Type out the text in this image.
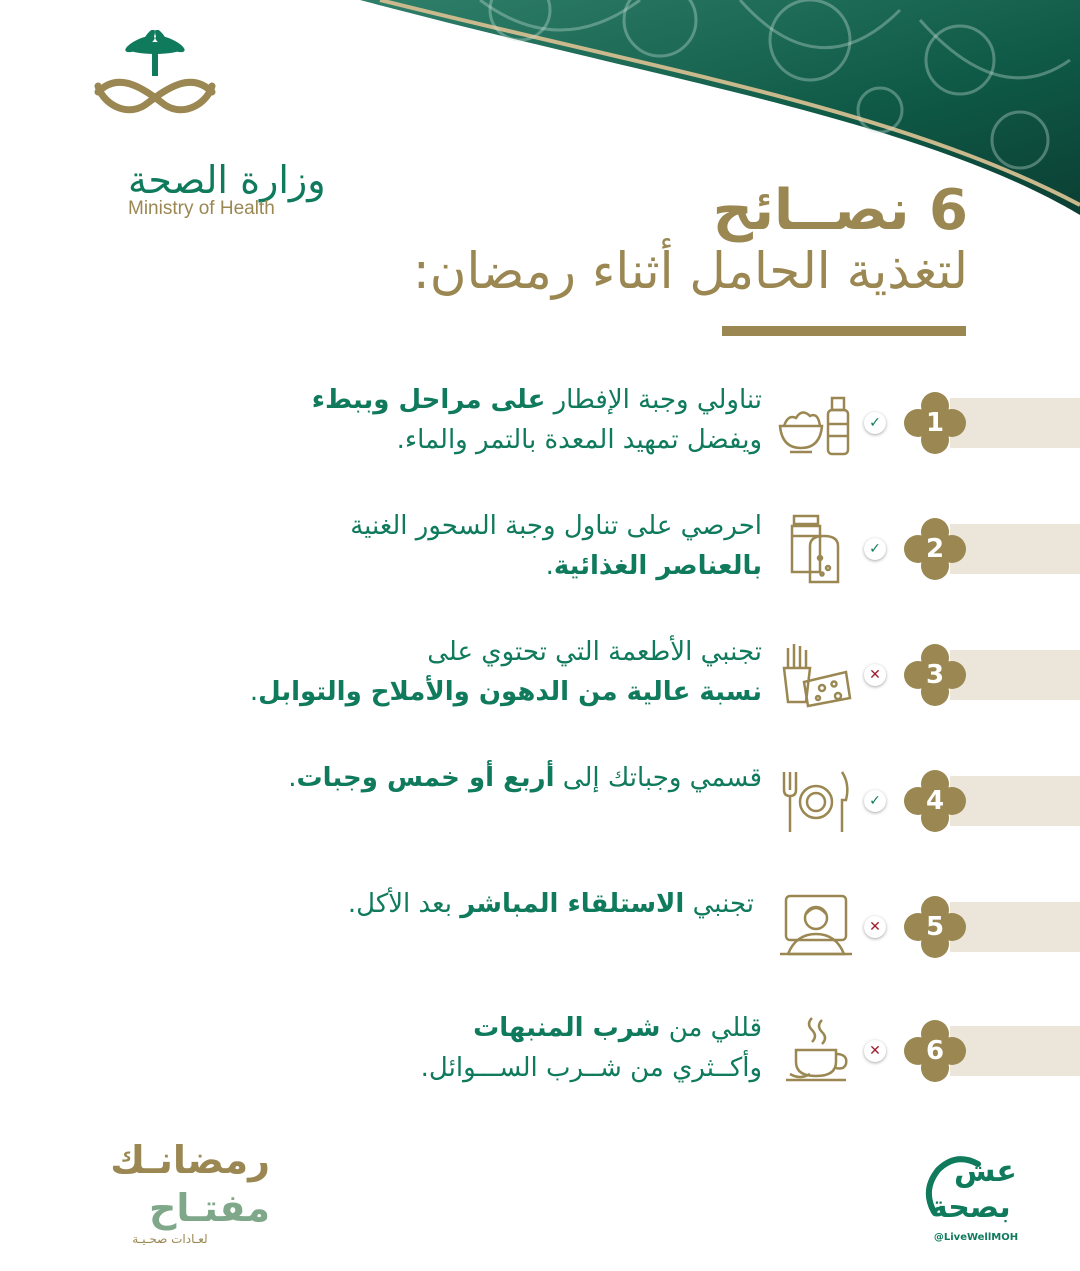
وزارة الصحة
Ministry of Health	6 نصــائح
لتغذية الحامل أثناء رمضان:
1
✓
تناولي وجبة الإفطار على مراحل وببطء
ويفضل تمهيد المعدة بالتمر والماء.
2
✓
احرصي على تناول وجبة السحور الغنية
بالعناصر الغذائية.
3
✕
تجنبي الأطعمة التي تحتوي على
نسبة عالية من الدهون والأملاح والتوابل.
4
✓
قسمي وجباتك إلى أربع أو خمس وجبات.
5
✕
تجنبي الاستلقاء المباشر بعد الأكل.
6
✕
قللي من شرب المنبهات
وأكــثري من شــرب الســـوائل.
رمضانـك
مفتـاح
لعـادات صحـيـة
عش
بصحة
@LiveWellMOH
